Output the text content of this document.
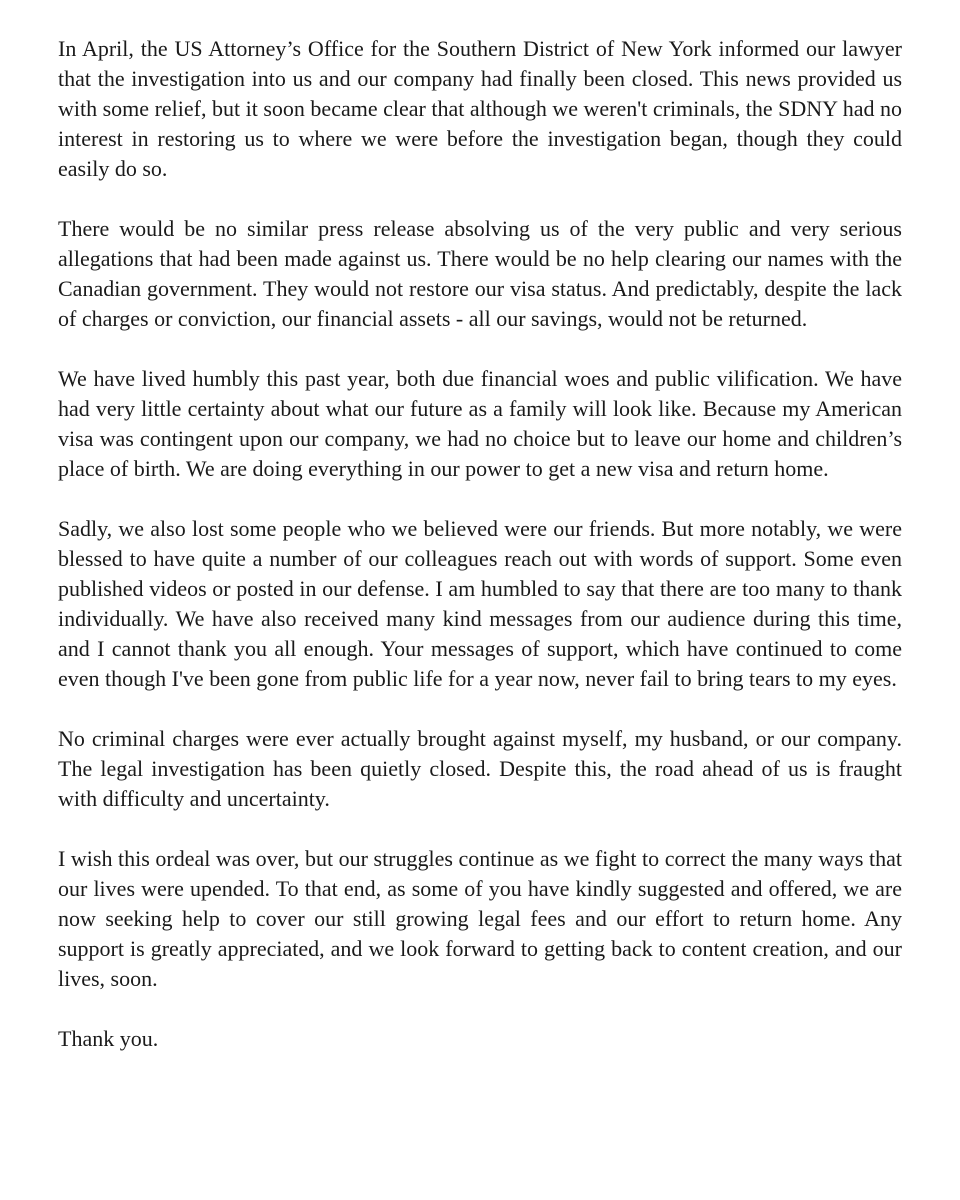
In April, the US Attorney’s Office for the Southern District of New York informed our lawyer that the investigation into us and our company had finally been closed. This news provided us with some relief, but it soon became clear that although we weren't criminals, the SDNY had no interest in restoring us to where we were before the investigation began, though they could easily do so.

There would be no similar press release absolving us of the very public and very serious allegations that had been made against us. There would be no help clearing our names with the Canadian government. They would not restore our visa status. And predictably, despite the lack of charges or conviction, our financial assets - all our savings, would not be returned.

We have lived humbly this past year, both due financial woes and public vilification. We have had very little certainty about what our future as a family will look like. Because my American visa was contingent upon our company, we had no choice but to leave our home and children’s place of birth. We are doing everything in our power to get a new visa and return home.

Sadly, we also lost some people who we believed were our friends. But more notably, we were blessed to have quite a number of our colleagues reach out with words of support. Some even published videos or posted in our defense. I am humbled to say that there are too many to thank individually. We have also received many kind messages from our audience during this time, and I cannot thank you all enough. Your messages of support, which have continued to come even though I've been gone from public life for a year now, never fail to bring tears to my eyes.

No criminal charges were ever actually brought against myself, my husband, or our company. The legal investigation has been quietly closed. Despite this, the road ahead of us is fraught with difficulty and uncertainty.

I wish this ordeal was over, but our struggles continue as we fight to correct the many ways that our lives were upended. To that end, as some of you have kindly suggested and offered, we are now seeking help to cover our still growing legal fees and our effort to return home. Any support is greatly appreciated, and we look forward to getting back to content creation, and our lives, soon.

Thank you.
